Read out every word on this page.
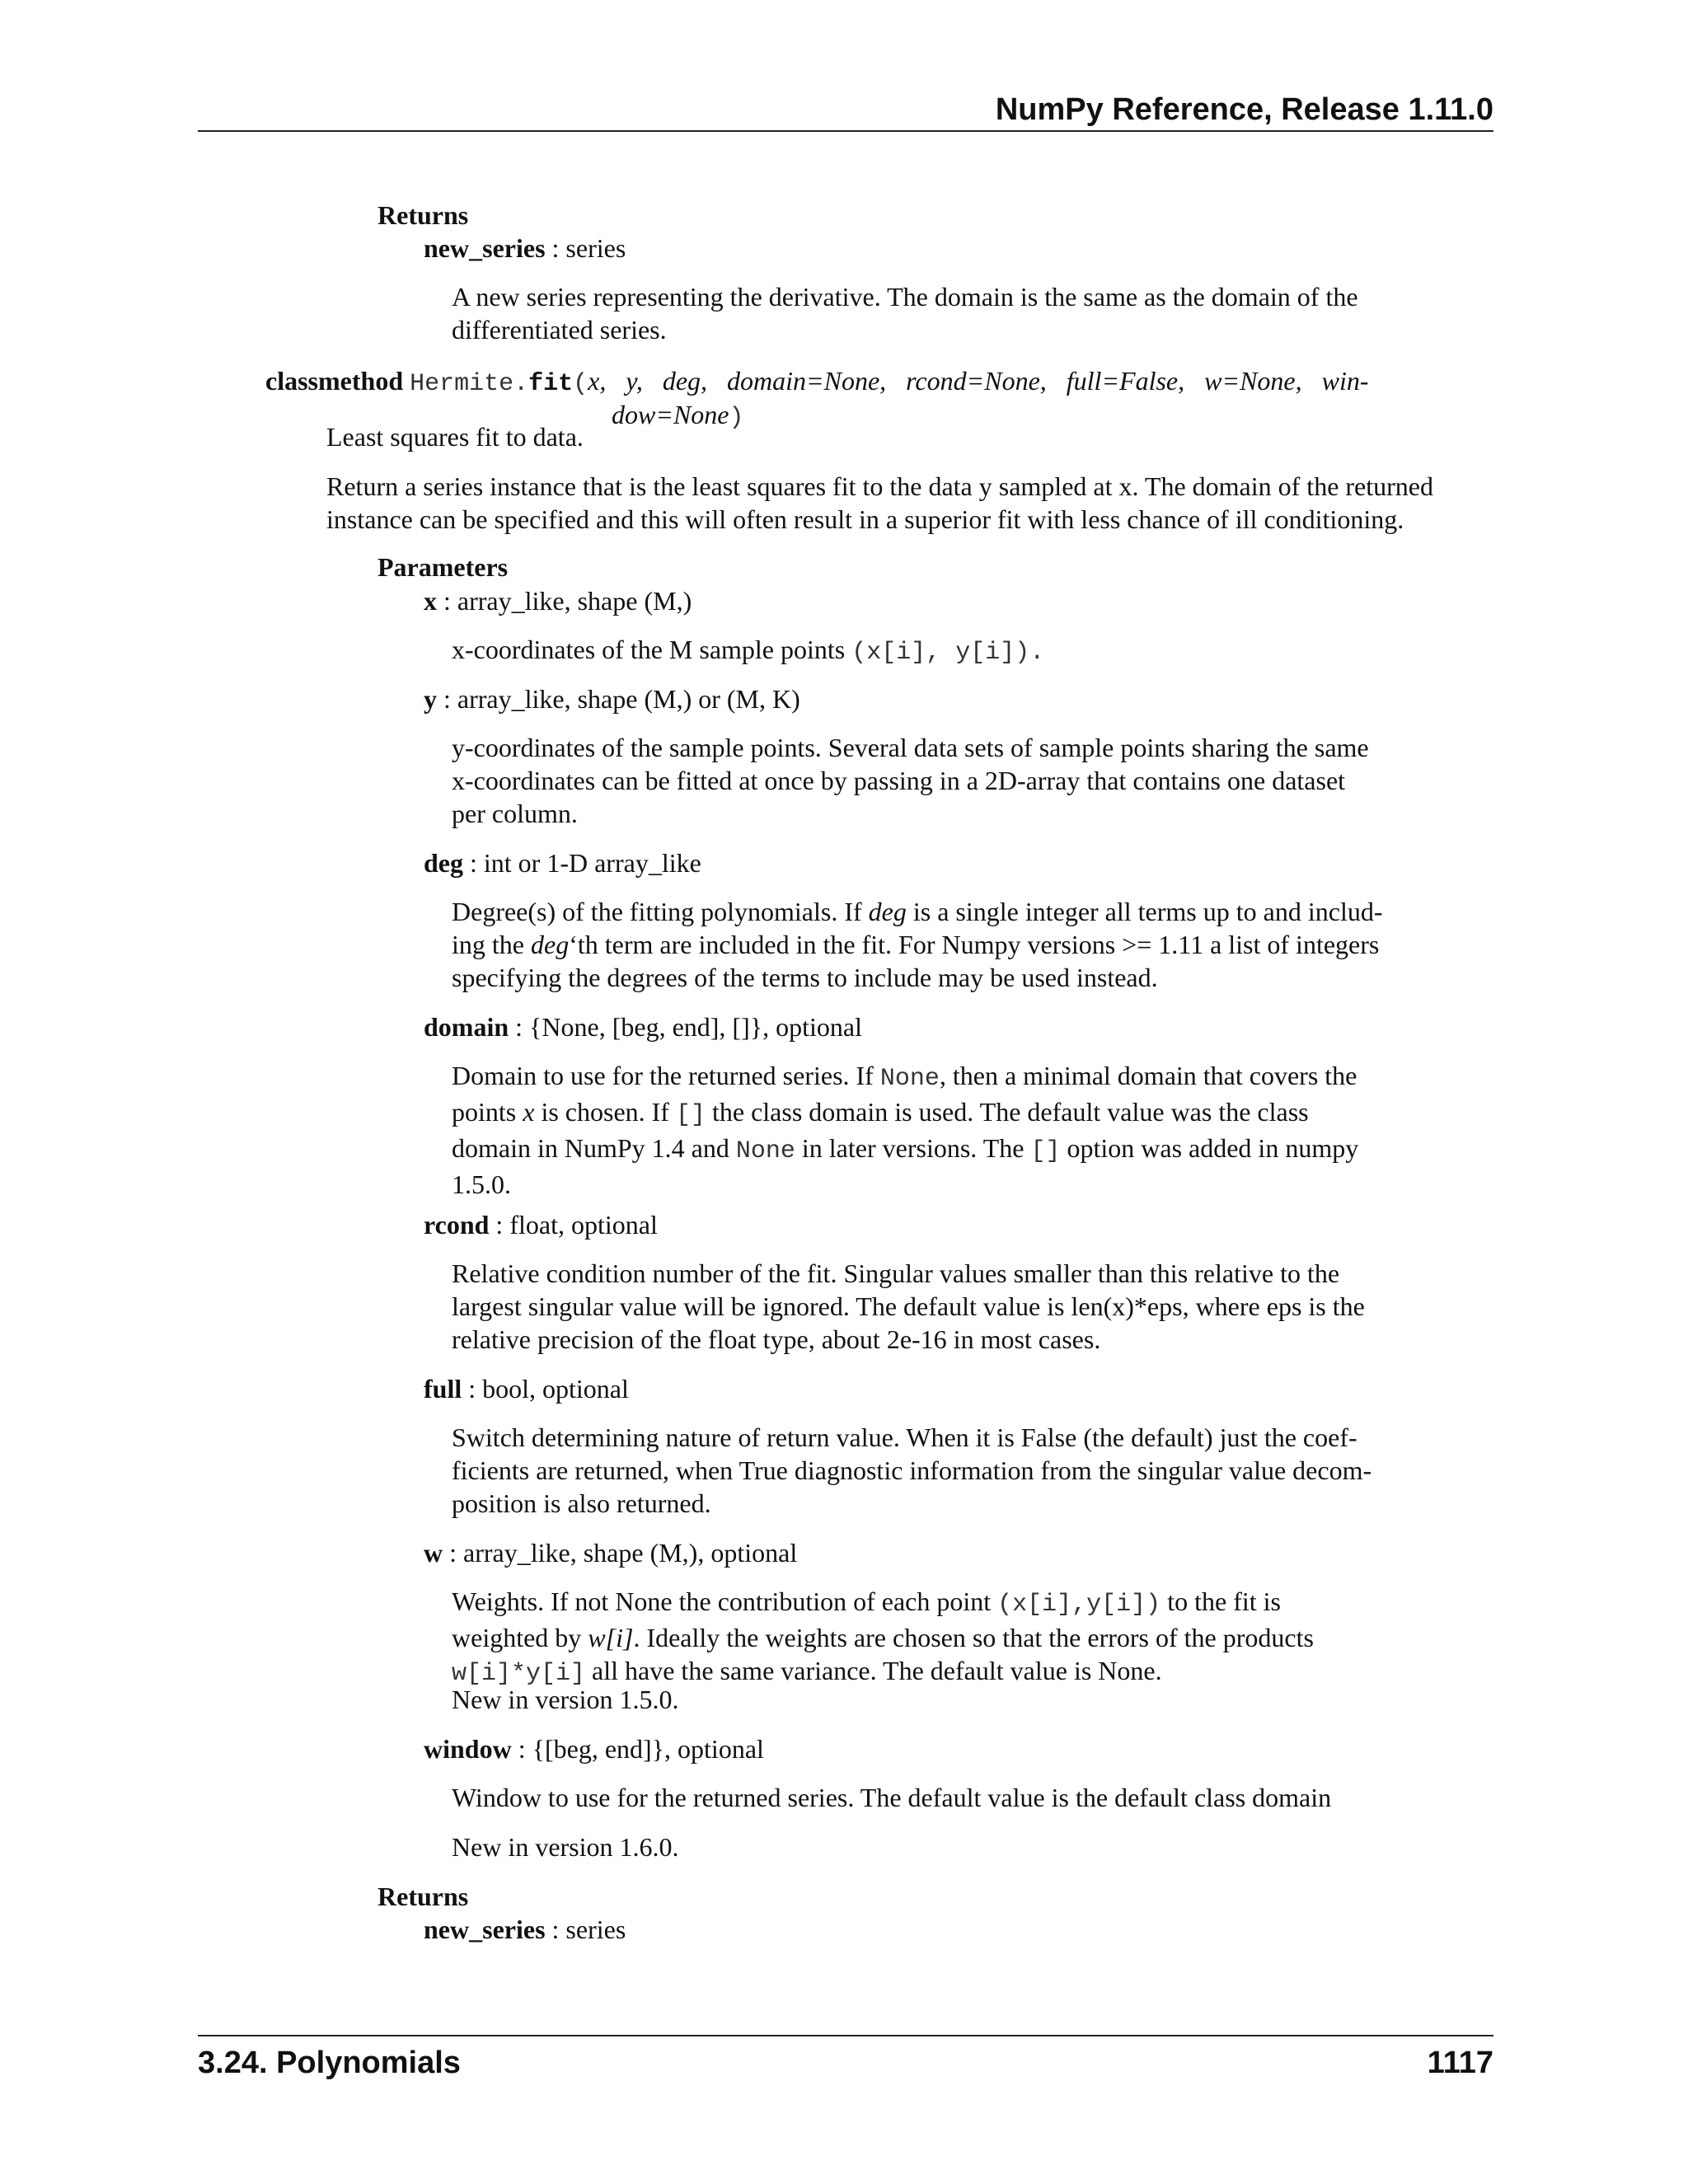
NumPy Reference, Release 1.11.0
Returns
new_series : series
A new series representing the derivative. The domain is the same as the domain of the
differentiated series.
classmethod Hermite.fit(x,   y,   deg,   domain=None,   rcond=None,   full=False,   w=None,   win-
dow=None)
Least squares fit to data.
Return a series instance that is the least squares fit to the data y sampled at x. The domain of the returned
instance can be specified and this will often result in a superior fit with less chance of ill conditioning.
Parameters
x : array_like, shape (M,)
x-coordinates of the M sample points (x[i], y[i]).
y : array_like, shape (M,) or (M, K)
y-coordinates of the sample points. Several data sets of sample points sharing the same
x-coordinates can be fitted at once by passing in a 2D-array that contains one dataset
per column.
deg : int or 1-D array_like
Degree(s) of the fitting polynomials. If deg is a single integer all terms up to and includ-
ing the deg‘th term are included in the fit. For Numpy versions >= 1.11 a list of integers
specifying the degrees of the terms to include may be used instead.
domain : {None, [beg, end], []}, optional
Domain to use for the returned series. If None, then a minimal domain that covers the
points x is chosen. If [] the class domain is used. The default value was the class
domain in NumPy 1.4 and None in later versions. The [] option was added in numpy
1.5.0.
rcond : float, optional
Relative condition number of the fit. Singular values smaller than this relative to the
largest singular value will be ignored. The default value is len(x)*eps, where eps is the
relative precision of the float type, about 2e-16 in most cases.
full : bool, optional
Switch determining nature of return value. When it is False (the default) just the coef-
ficients are returned, when True diagnostic information from the singular value decom-
position is also returned.
w : array_like, shape (M,), optional
Weights. If not None the contribution of each point (x[i],y[i]) to the fit is
weighted by w[i]. Ideally the weights are chosen so that the errors of the products
w[i]*y[i] all have the same variance. The default value is None.
New in version 1.5.0.
window : {[beg, end]}, optional
Window to use for the returned series. The default value is the default class domain
New in version 1.6.0.
Returns
new_series : series
3.24. Polynomials	1117
